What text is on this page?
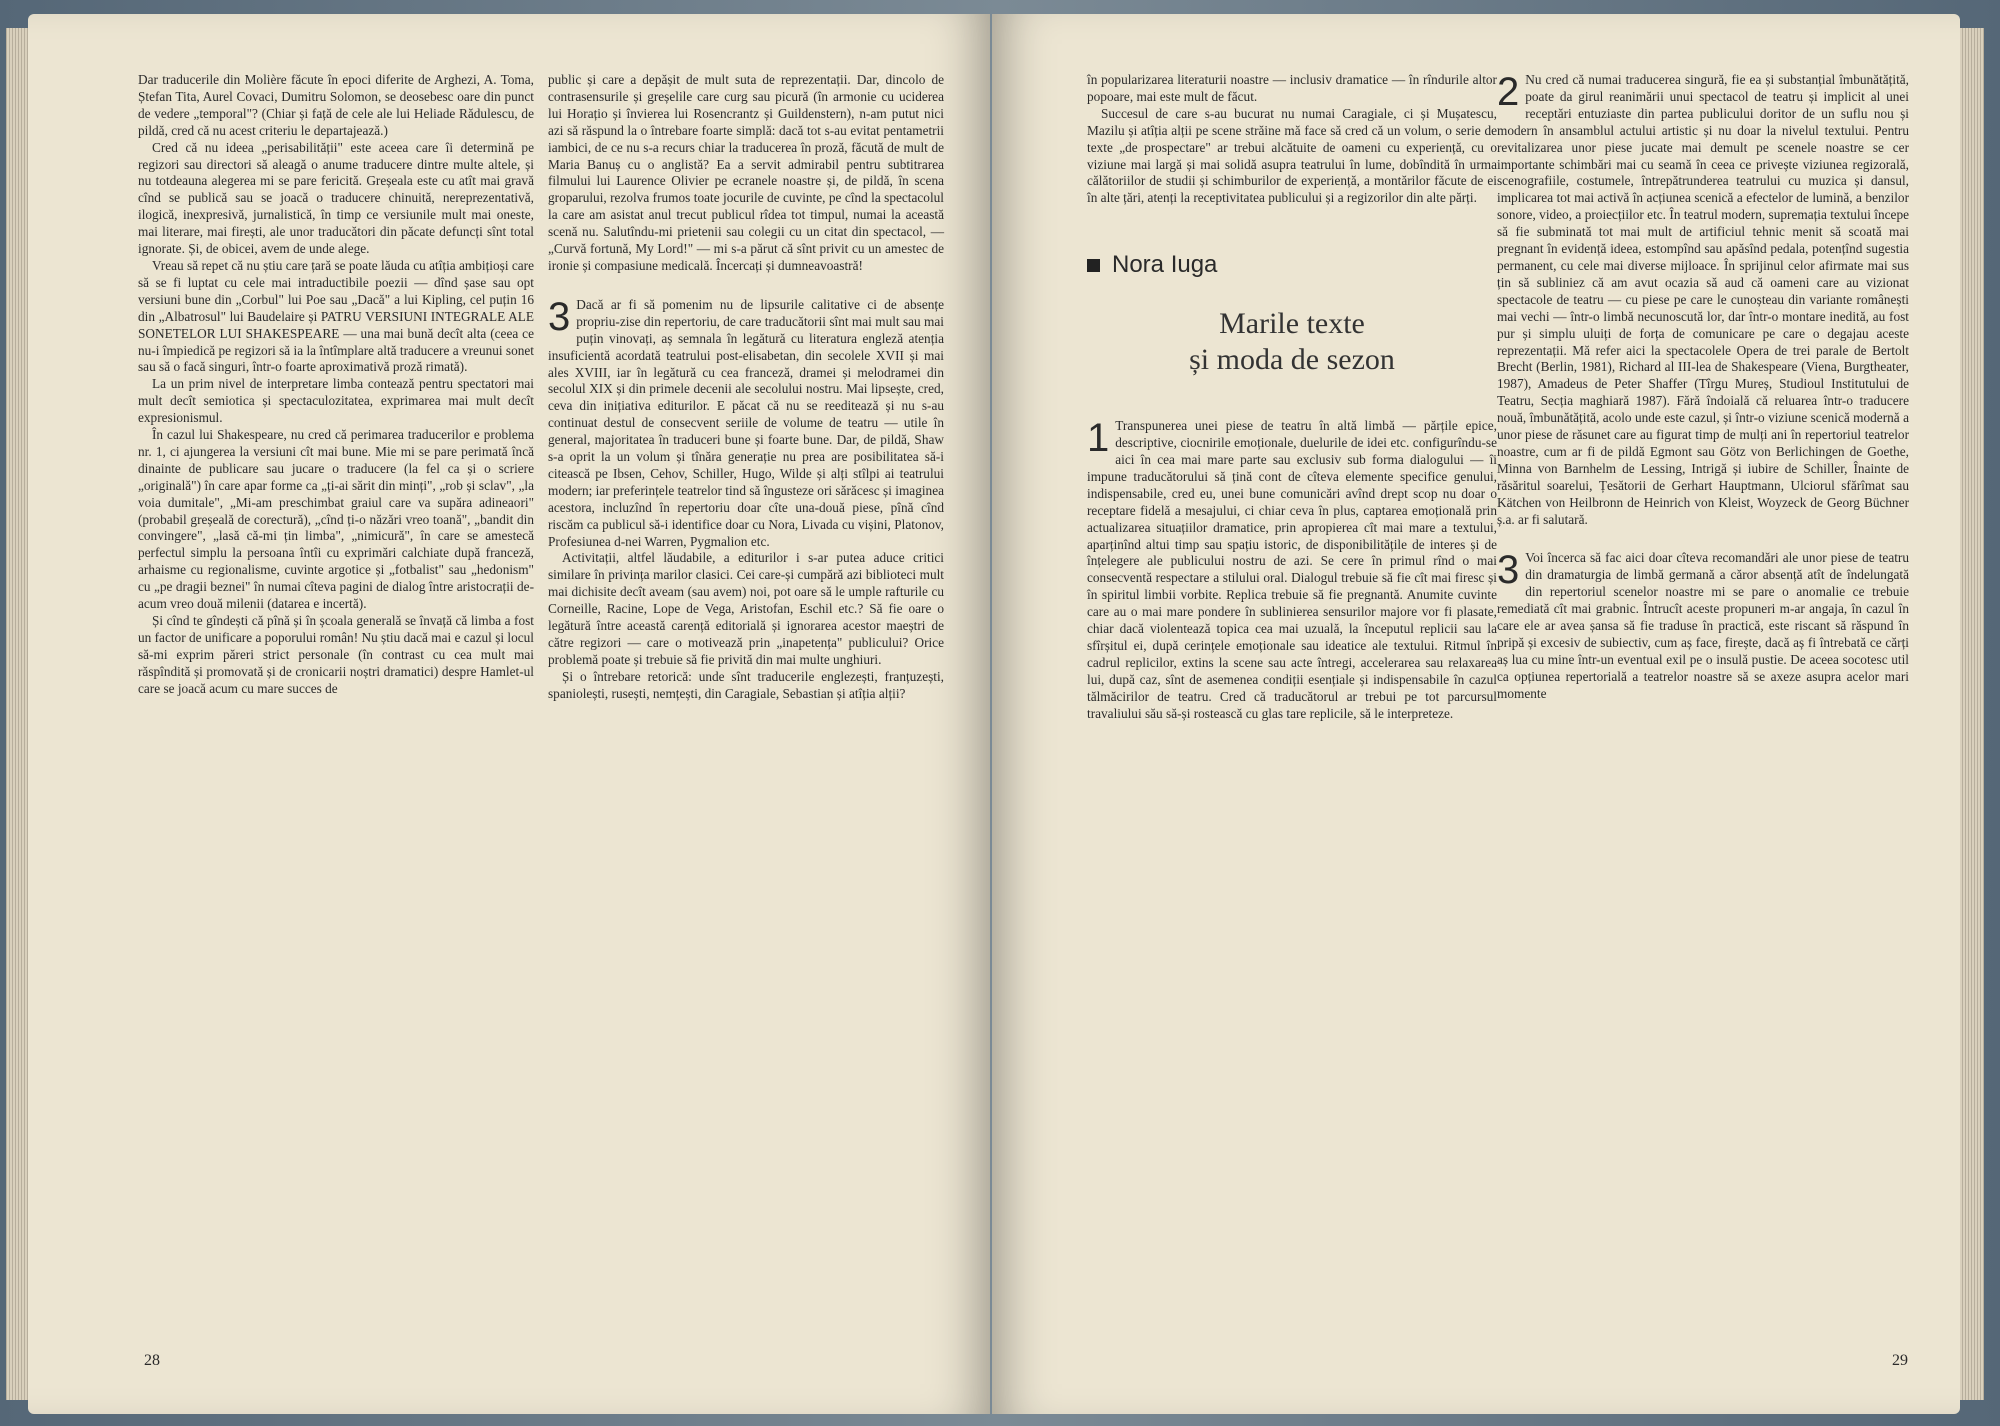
Dar traducerile din Molière făcute în epoci diferite de Arghezi, A. Toma, Ștefan Tita, Aurel Covaci, Dumitru Solomon, se deosebesc oare din punct de vedere „temporal"? (Chiar și față de cele ale lui Heliade Rădulescu, de pildă, cred că nu acest criteriu le departajează.)

Cred că nu ideea „perisabilității" este aceea care îi determină pe regizori sau directori să aleagă o anume traducere dintre multe altele, și nu totdeauna alegerea mi se pare fericită. Greșeala este cu atît mai gravă cînd se publică sau se joacă o traducere chinuită, nereprezentativă, ilogică, inexpresivă, jurnalistică, în timp ce versiunile mult mai oneste, mai literare, mai firești, ale unor traducători din păcate defuncți sînt total ignorate. Și, de obicei, avem de unde alege.

Vreau să repet că nu știu care țară se poate lăuda cu atîția ambițioși care să se fi luptat cu cele mai intraductibile poezii — dînd șase sau opt versiuni bune din „Corbul" lui Poe sau „Dacă" a lui Kipling, cel puțin 16 din „Albatrosul" lui Baudelaire și PATRU VERSIUNI INTEGRALE ALE SONETELOR LUI SHAKESPEARE — una mai bună decît alta (ceea ce nu-i împiedică pe regizori să ia la întîmplare altă traducere a vreunui sonet sau să o facă singuri, într-o foarte aproximativă proză rimată).

La un prim nivel de interpretare limba contează pentru spectatori mai mult decît semiotica și spectaculozitatea, exprimarea mai mult decît expresionismul.

În cazul lui Shakespeare, nu cred că perimarea traducerilor e problema nr. 1, ci ajungerea la versiuni cît mai bune. Mie mi se pare perimată încă dinainte de publicare sau jucare o traducere (la fel ca și o scriere „originală") în care apar forme ca „ți-ai sărit din minți", „rob și sclav", „la voia dumitale", „Mi-am preschimbat graiul care va supăra adineaori" (probabil greșeală de corectură), „cînd ți-o năzări vreo toană", „bandit din convingere", „lasă că-mi țin limba", „nimicură", în care se amestecă perfectul simplu la persoana întîi cu exprimări calchiate după franceză, arhaisme cu regionalisme, cuvinte argotice și „fotbalist" sau „hedonism" cu „pe dragii beznei" în numai cîteva pagini de dialog între aristocrații de-acum vreo două milenii (datarea e incertă).

Și cînd te gîndești că pînă și în școala generală se învață că limba a fost un factor de unificare a poporului român! Nu știu dacă mai e cazul și locul să-mi exprim păreri strict personale (în contrast cu cea mult mai răspîndită și promovată și de cronicarii noștri dramatici) despre Hamlet-ul care se joacă acum cu mare succes de

public și care a depășit de mult suta de reprezentații. Dar, dincolo de contrasensurile și greșelile care curg sau picură (în armonie cu uciderea lui Horațio și învierea lui Rosencrantz și Guildenstern), n-am putut nici azi să răspund la o întrebare foarte simplă: dacă tot s-au evitat pentametrii iambici, de ce nu s-a recurs chiar la traducerea în proză, făcută de mult de Maria Banuș cu o anglistă? Ea a servit admirabil pentru subtitrarea filmului lui Laurence Olivier pe ecranele noastre și, de pildă, în scena groparului, rezolva frumos toate jocurile de cuvinte, pe cînd la spectacolul la care am asistat anul trecut publicul rîdea tot timpul, numai la această scenă nu. Salutîndu-mi prietenii sau colegii cu un citat din spectacol, — „Curvă fortună, My Lord!" — mi s-a părut că sînt privit cu un amestec de ironie și compasiune medicală. Încercați și dumneavoastră!

3 Dacă ar fi să pomenim nu de lipsurile calitative ci de absențe propriu-zise din repertoriu, de care traducătorii sînt mai mult sau mai puțin vinovați, aș semnala în legătură cu literatura engleză atenția insuficientă acordată teatrului post-elisabetan, din secolele XVII și mai ales XVIII, iar în legătură cu cea franceză, dramei și melodramei din secolul XIX și din primele decenii ale secolului nostru. Mai lipsește, cred, ceva din inițiativa editurilor. E păcat că nu se reeditează și nu s-au continuat destul de consecvent seriile de volume de teatru — utile în general, majoritatea în traduceri bune și foarte bune. Dar, de pildă, Shaw s-a oprit la un volum și tînăra generație nu prea are posibilitatea să-i citească pe Ibsen, Cehov, Schiller, Hugo, Wilde și alți stîlpi ai teatrului modern; iar preferințele teatrelor tind să îngusteze ori sărăcesc și imaginea acestora, incluzînd în repertoriu doar cîte una-două piese, pînă cînd riscăm ca publicul să-i identifice doar cu Nora, Livada cu vișini, Platonov, Profesiunea d-nei Warren, Pygmalion etc.

Activitații, altfel lăudabile, a editurilor i s-ar putea aduce critici similare în privința marilor clasici. Cei care-și cumpără azi biblioteci mult mai dichisite decît aveam (sau avem) noi, pot oare să le umple rafturile cu Corneille, Racine, Lope de Vega, Aristofan, Eschil etc.? Să fie oare o legătură între această carență editorială și ignorarea acestor maeștri de către regizori — care o motivează prin „inapetența" publicului? Orice problemă poate și trebuie să fie privită din mai multe unghiuri.

Și o întrebare retorică: unde sînt traducerile englezești, franțuzești, spaniolești, rusești, nemțești, din Caragiale, Sebastian și atîția alții?

28

în popularizarea literaturii noastre — inclusiv dramatice — în rîndurile altor popoare, mai este mult de făcut.

Succesul de care s-au bucurat nu numai Caragiale, ci și Mușatescu, Mazilu și atîția alții pe scene străine mă face să cred că un volum, o serie de texte „de prospectare" ar trebui alcătuite de oameni cu experiență, cu o viziune mai largă și mai solidă asupra teatrului în lume, dobîndită în urma călătoriilor de studii și schimburilor de experiență, a montărilor făcute de ei în alte țări, atenți la receptivitatea publicului și a regizorilor din alte părți.

Nora Iuga
Marile texte
și moda de sezon
1 Transpunerea unei piese de teatru în altă limbă — părțile epice, descriptive, ciocnirile emoționale, duelurile de idei etc. configurîndu-se aici în cea mai mare parte sau exclusiv sub forma dialogului — îi impune traducătorului să țină cont de cîteva elemente specifice genului, indispensabile, cred eu, unei bune comunicări avînd drept scop nu doar o receptare fidelă a mesajului, ci chiar ceva în plus, captarea emoțională prin actualizarea situațiilor dramatice, prin apropierea cît mai mare a textului, aparținînd altui timp sau spațiu istoric, de disponibilitățile de interes și de înțelegere ale publicului nostru de azi. Se cere în primul rînd o mai consecventă respectare a stilului oral. Dialogul trebuie să fie cît mai firesc și în spiritul limbii vorbite. Replica trebuie să fie pregnantă. Anumite cuvinte care au o mai mare pondere în sublinierea sensurilor majore vor fi plasate, chiar dacă violentează topica cea mai uzuală, la începutul replicii sau la sfîrșitul ei, după cerințele emoționale sau ideatice ale textului. Ritmul în cadrul replicilor, extins la scene sau acte întregi, accelerarea sau relaxarea lui, după caz, sînt de asemenea condiții esențiale și indispensabile în cazul tălmăcirilor de teatru. Cred că traducătorul ar trebui pe tot parcursul travaliului său să-și rostească cu glas tare replicile, să le interpreteze.

2 Nu cred că numai traducerea singură, fie ea și substanțial îmbunătățită, poate da girul reanimării unui spectacol de teatru și implicit al unei receptări entuziaste din partea publicului doritor de un suflu nou și modern în ansamblul actului artistic și nu doar la nivelul textului. Pentru revitalizarea unor piese jucate mai demult pe scenele noastre se cer importante schimbări mai cu seamă în ceea ce privește viziunea regizorală, scenografiile, costumele, întrepătrunderea teatrului cu muzica și dansul, implicarea tot mai activă în acțiunea scenică a efectelor de lumină, a benzilor sonore, video, a proiecțiilor etc. În teatrul modern, supremația textului începe să fie subminată tot mai mult de artificiul tehnic menit să scoată mai pregnant în evidență ideea, estompînd sau apăsînd pedala, potențînd sugestia permanent, cu cele mai diverse mijloace. În sprijinul celor afirmate mai sus țin să subliniez că am avut ocazia să aud că oameni care au vizionat spectacole de teatru — cu piese pe care le cunoșteau din variante românești mai vechi — într-o limbă necunoscută lor, dar într-o montare inedită, au fost pur și simplu uluiți de forța de comunicare pe care o degajau aceste reprezentații. Mă refer aici la spectacolele Opera de trei parale de Bertolt Brecht (Berlin, 1981), Richard al III-lea de Shakespeare (Viena, Burgtheater, 1987), Amadeus de Peter Shaffer (Tîrgu Mureș, Studioul Institutului de Teatru, Secția maghiară 1987). Fără îndoială că reluarea într-o traducere nouă, îmbunătățită, acolo unde este cazul, și într-o viziune scenică modernă a unor piese de răsunet care au figurat timp de mulți ani în repertoriul teatrelor noastre, cum ar fi de pildă Egmont sau Götz von Berlichingen de Goethe, Minna von Barnhelm de Lessing, Intrigă și iubire de Schiller, Înainte de răsăritul soarelui, Țesătorii de Gerhart Hauptmann, Ulciorul sfărîmat sau Kätchen von Heilbronn de Heinrich von Kleist, Woyzeck de Georg Büchner ș.a. ar fi salutară.

3 Voi încerca să fac aici doar cîteva recomandări ale unor piese de teatru din dramaturgia de limbă germană a căror absență atît de îndelungată din repertoriul scenelor noastre mi se pare o anomalie ce trebuie remediată cît mai grabnic. Întrucît aceste propuneri m-ar angaja, în cazul în care ele ar avea șansa să fie traduse în practică, este riscant să răspund în pripă și excesiv de subiectiv, cum aș face, firește, dacă aș fi întrebată ce cărți aș lua cu mine într-un eventual exil pe o insulă pustie. De aceea socotesc util ca opțiunea repertorială a teatrelor noastre să se axeze asupra acelor mari momente

29
